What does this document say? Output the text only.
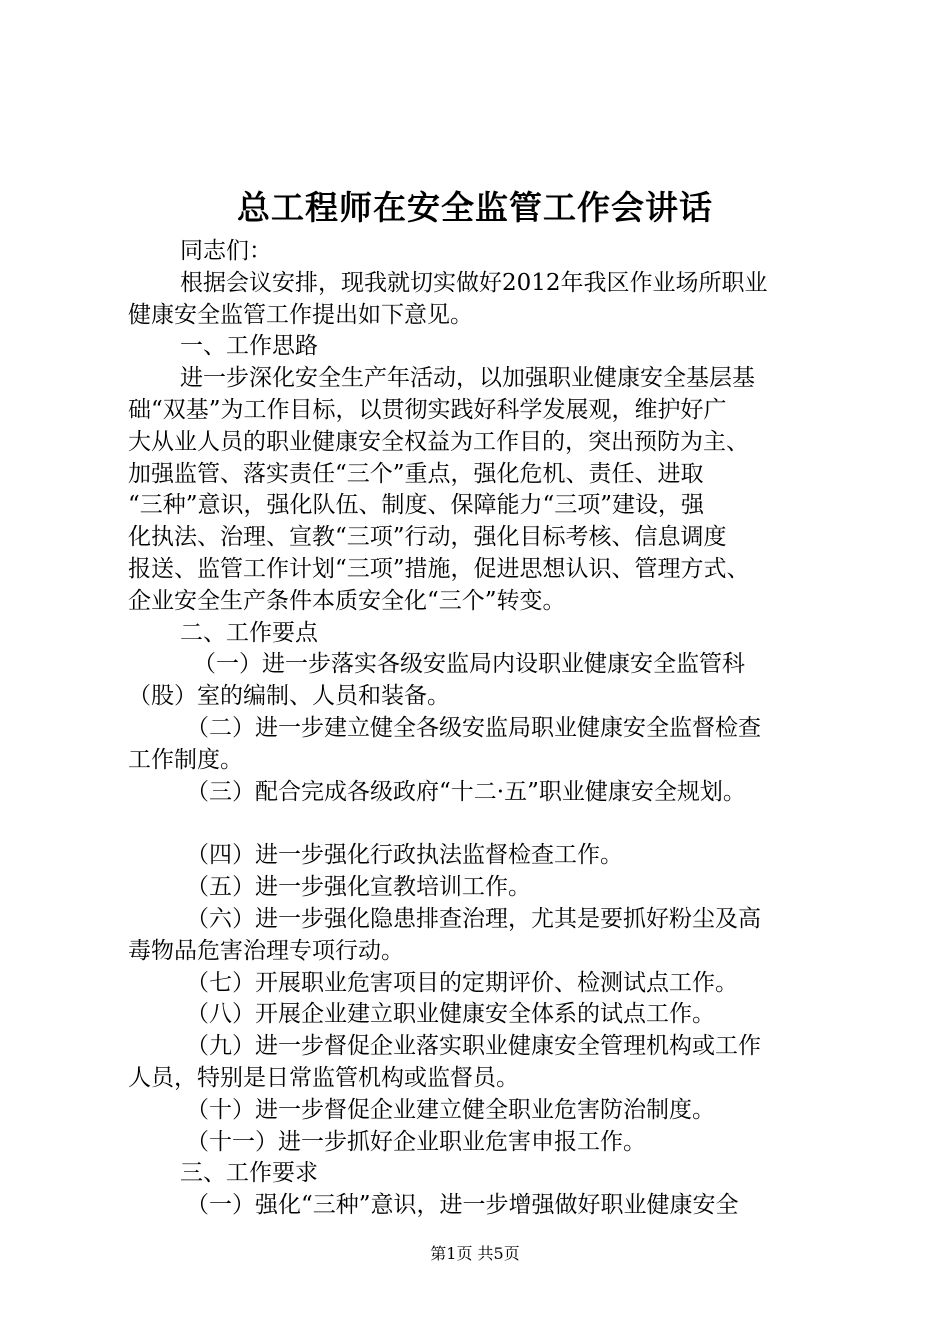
总工程师在安全监管工作会讲话

同志们：

根据会议安排，现我就切实做好2012年我区作业场所职业

健康安全监管工作提出如下意见。

一、工作思路

进一步深化安全生产年活动，以加强职业健康安全基层基

础“双基”为工作目标，以贯彻实践好科学发展观，维护好广

大从业人员的职业健康安全权益为工作目的，突出预防为主、

加强监管、落实责任“三个”重点，强化危机、责任、进取

“三种”意识，强化队伍、制度、保障能力“三项”建设，强

化执法、治理、宣教“三项”行动，强化目标考核、信息调度

报送、监管工作计划“三项”措施，促进思想认识、管理方式、

企业安全生产条件本质安全化“三个”转变。

二、工作要点

（一）进一步落实各级安监局内设职业健康安全监管科

（股）室的编制、人员和装备。

（二）进一步建立健全各级安监局职业健康安全监督检查

工作制度。

（三）配合完成各级政府“十二·五”职业健康安全规划。

（四）进一步强化行政执法监督检查工作。

（五）进一步强化宣教培训工作。

（六）进一步强化隐患排查治理，尤其是要抓好粉尘及高

毒物品危害治理专项行动。

（七）开展职业危害项目的定期评价、检测试点工作。

（八）开展企业建立职业健康安全体系的试点工作。

（九）进一步督促企业落实职业健康安全管理机构或工作

人员，特别是日常监管机构或监督员。

（十）进一步督促企业建立健全职业危害防治制度。

（十一）进一步抓好企业职业危害申报工作。

三、工作要求

（一）强化“三种”意识，进一步增强做好职业健康安全

第1页 共5页
